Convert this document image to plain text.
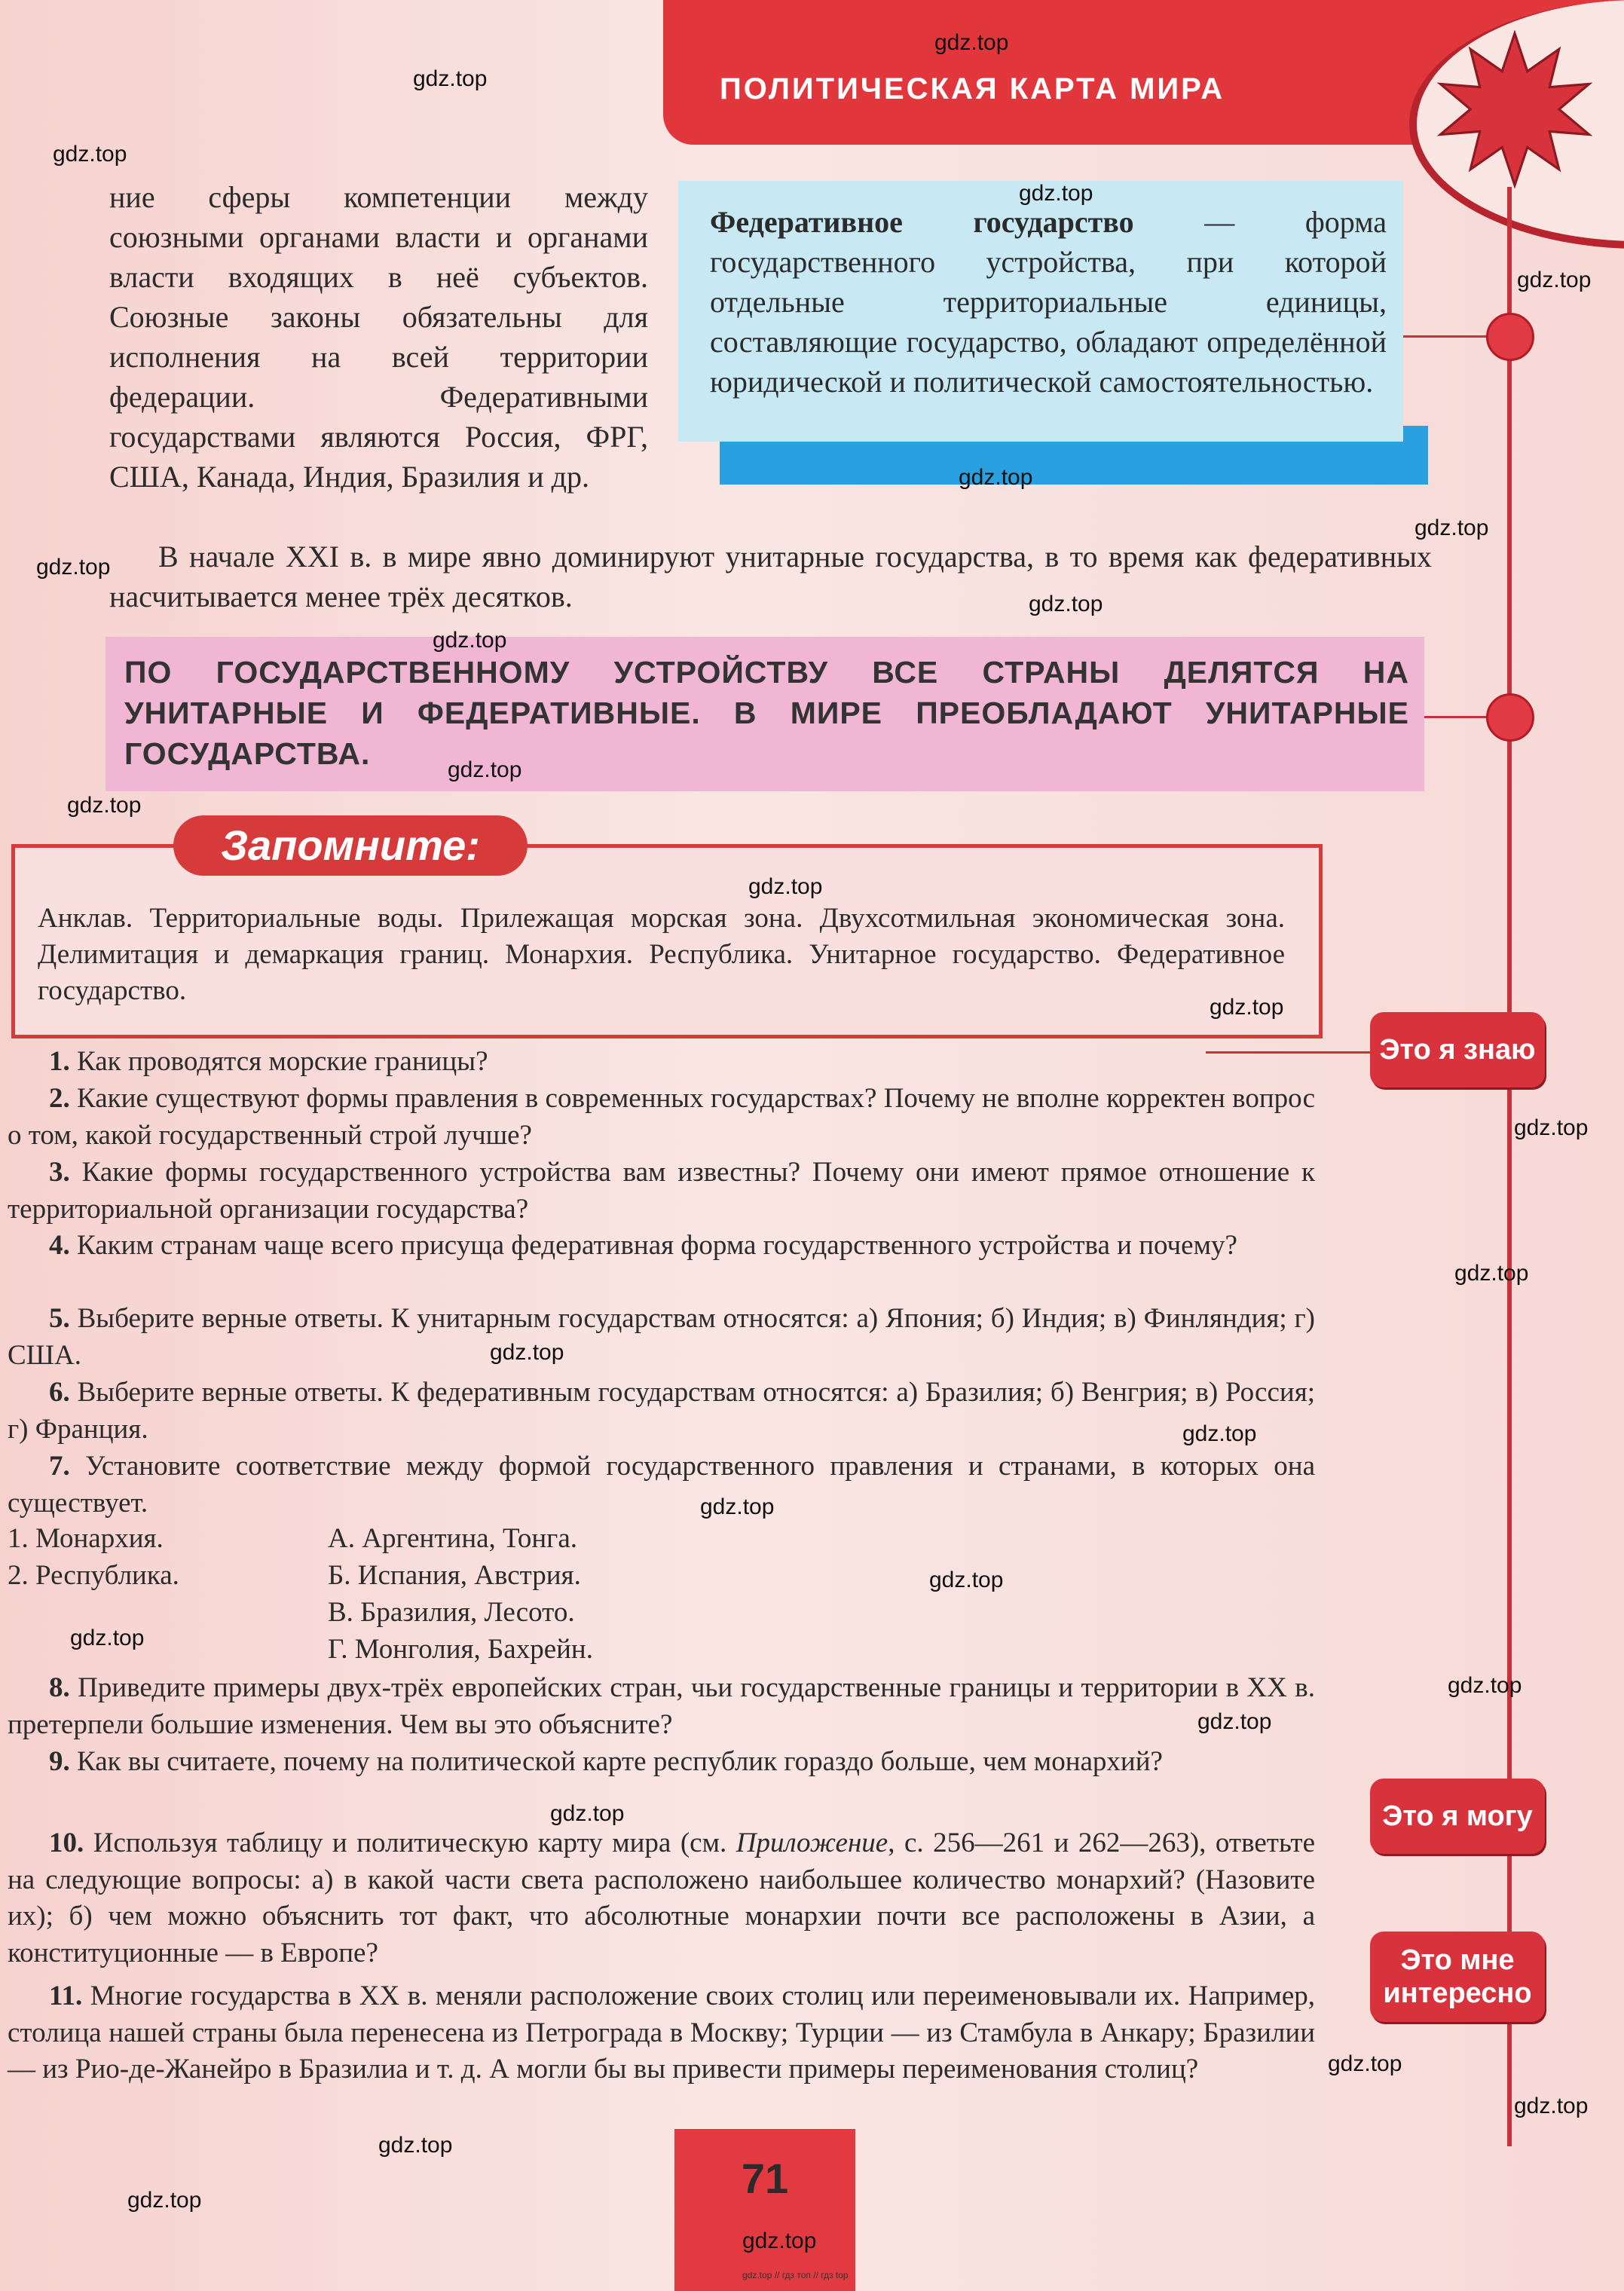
ПОЛИТИЧЕСКАЯ КАРТА МИРА
ние сферы компетенции между союзными органами власти и органами власти входящих в неё субъектов. Союзные законы обязательны для исполнения на всей территории федерации. Федеративными государствами являются Россия, ФРГ, США, Канада, Индия, Бразилия и др.
Федеративное государство — форма государственного устройства, при которой отдельные территориальные единицы, составляющие государство, обладают определённой юридической и политической самостоятельностью.
В начале XXI в. в мире явно доминируют унитарные государства, в то время как федеративных насчитывается менее трёх десятков.
ПО ГОСУДАРСТВЕННОМУ УСТРОЙСТВУ ВСЕ СТРАНЫ ДЕЛЯТСЯ НА УНИТАРНЫЕ И ФЕДЕРАТИВНЫЕ. В МИРЕ ПРЕОБЛАДАЮТ УНИТАРНЫЕ ГОСУДАРСТВА.
Запомните:
Анклав. Территориальные воды. Прилежащая морская зона. Двухсотмильная экономическая зона. Делимитация и демаркация границ. Монархия. Республика. Унитарное государство. Федеративное государство.
1. Как проводятся морские границы?
2. Какие существуют формы правления в современных государствах? Почему не вполне корректен вопрос о том, какой государственный строй лучше?
3. Какие формы государственного устройства вам известны? Почему они имеют прямое отношение к территориальной организации государства?
4. Каким странам чаще всего присуща федеративная форма государственного устройства и почему?
5. Выберите верные ответы. К унитарным государствам относятся: а) Япония; б) Индия; в) Финляндия; г) США.
6. Выберите верные ответы. К федеративным государствам относятся: а) Бразилия; б) Венгрия; в) Россия; г) Франция.
7. Установите соответствие между формой государственного правления и странами, в которых она существует.
1. Монархия.
2. Республика.
А. Аргентина, Тонга.
Б. Испания, Австрия.
В. Бразилия, Лесото.
Г. Монголия, Бахрейн.
8. Приведите примеры двух-трёх европейских стран, чьи государственные границы и территории в XX в. претерпели большие изменения. Чем вы это объясните?
9. Как вы считаете, почему на политической карте республик гораздо больше, чем монархий?
10. Используя таблицу и политическую карту мира (см. Приложение, с. 256—261 и 262—263), ответьте на следующие вопросы: а) в какой части света расположено наибольшее количество монархий? (Назовите их); б) чем можно объяснить тот факт, что абсолютные монархии почти все расположены в Азии, а конституционные — в Европе?
11. Многие государства в XX в. меняли расположение своих столиц или переименовывали их. Например, столица нашей страны была перенесена из Петрограда в Москву; Турции — из Стамбула в Анкару; Бразилии — из Рио-де-Жанейро в Бразилиа и т. д. А могли бы вы привести примеры переименования столиц?
Это я знаю
Это я могу
Это мне интересно
71
gdz.top // гдз топ // гдз top
gdz.top
gdz.top
gdz.top
gdz.top
gdz.top
gdz.top
gdz.top
gdz.top
gdz.top
gdz.top
gdz.top
gdz.top
gdz.top
gdz.top
gdz.top
gdz.top
gdz.top
gdz.top
gdz.top
gdz.top
gdz.top
gdz.top
gdz.top
gdz.top
gdz.top
gdz.top
gdz.top
gdz.top
gdz.top
